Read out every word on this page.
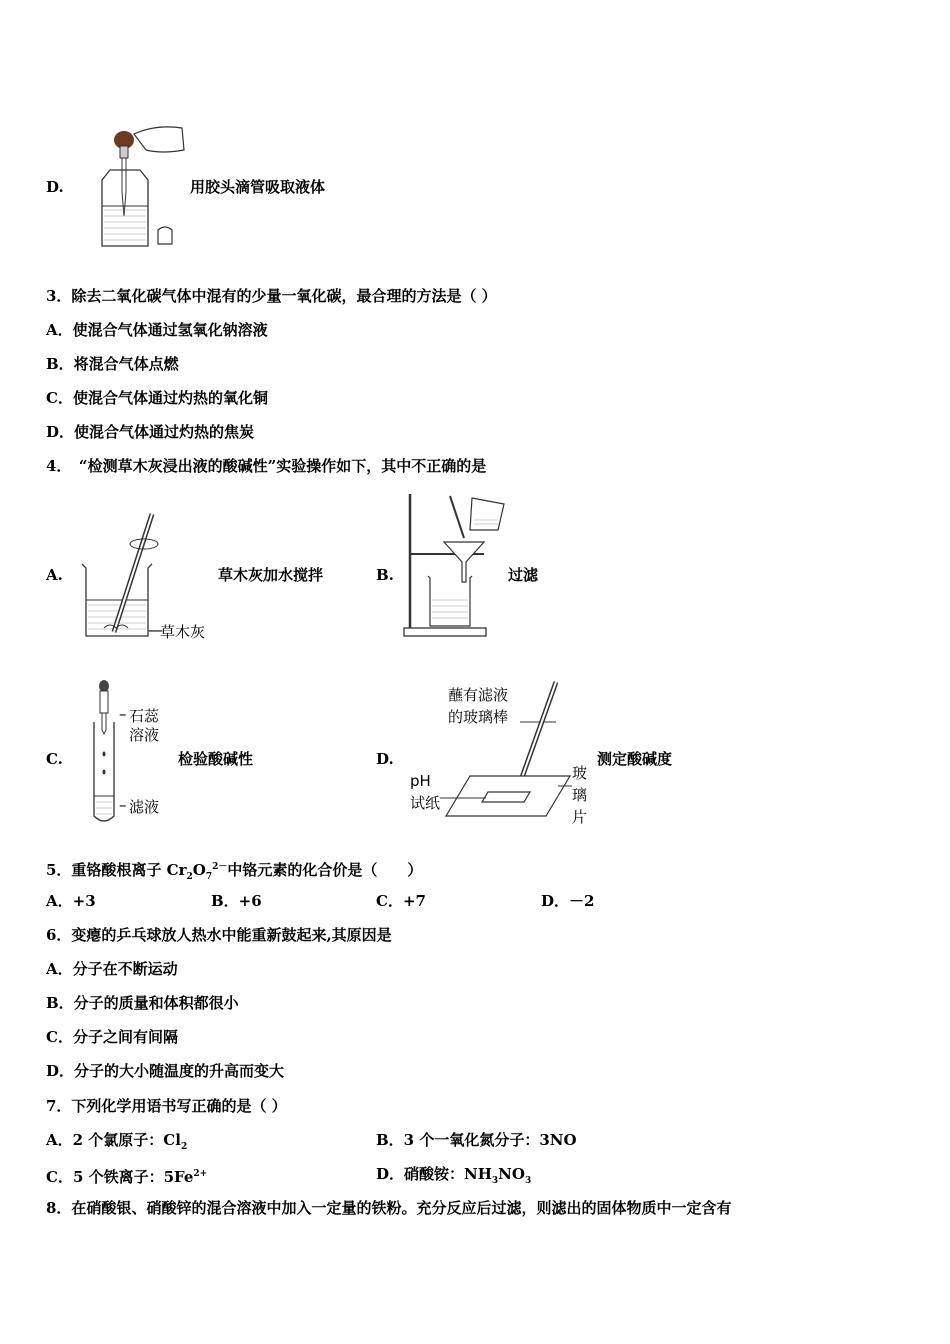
D.	用胶头滴管吸取液体
3．除去二氧化碳气体中混有的少量一氧化碳，最合理的方法是（ ）
A．使混合气体通过氢氧化钠溶液
B．将混合气体点燃
C．使混合气体通过灼热的氧化铜
D．使混合气体通过灼热的焦炭
4．　“检测草木灰浸出液的酸碱性”实验操作如下，其中不正确的是
A.
—
草木灰
草木灰加水搅拌	B.	过滤
C.
– 石蕊
溶液
– 滤液
检验酸碱性	D.
蘸有滤液
的玻璃棒
pH
试纸
玻
璃
片
测定酸碱度
5．重铬酸根离子 $Cr_2O_7^{2-}$中铬元素的化合价是（　　）
A．+3	B．+6	C．+7	D．－2
6．变瘪的乒乓球放人热水中能重新鼓起来,其原因是
A．分子在不断运动
B．分子的质量和体积都很小
C．分子之间有间隔
D．分子的大小随温度的升高而变大
7．下列化学用语书写正确的是（ ）
A．2 个氯原子：$Cl_2$	B．3 个一氧化氮分子：3NO
C．5 个铁离子：$5Fe^{2+}$	D．硝酸铵：$NH_3NO_3$
8．在硝酸银、硝酸锌的混合溶液中加入一定量的铁粉。充分反应后过滤，则滤出的固体物质中一定含有
